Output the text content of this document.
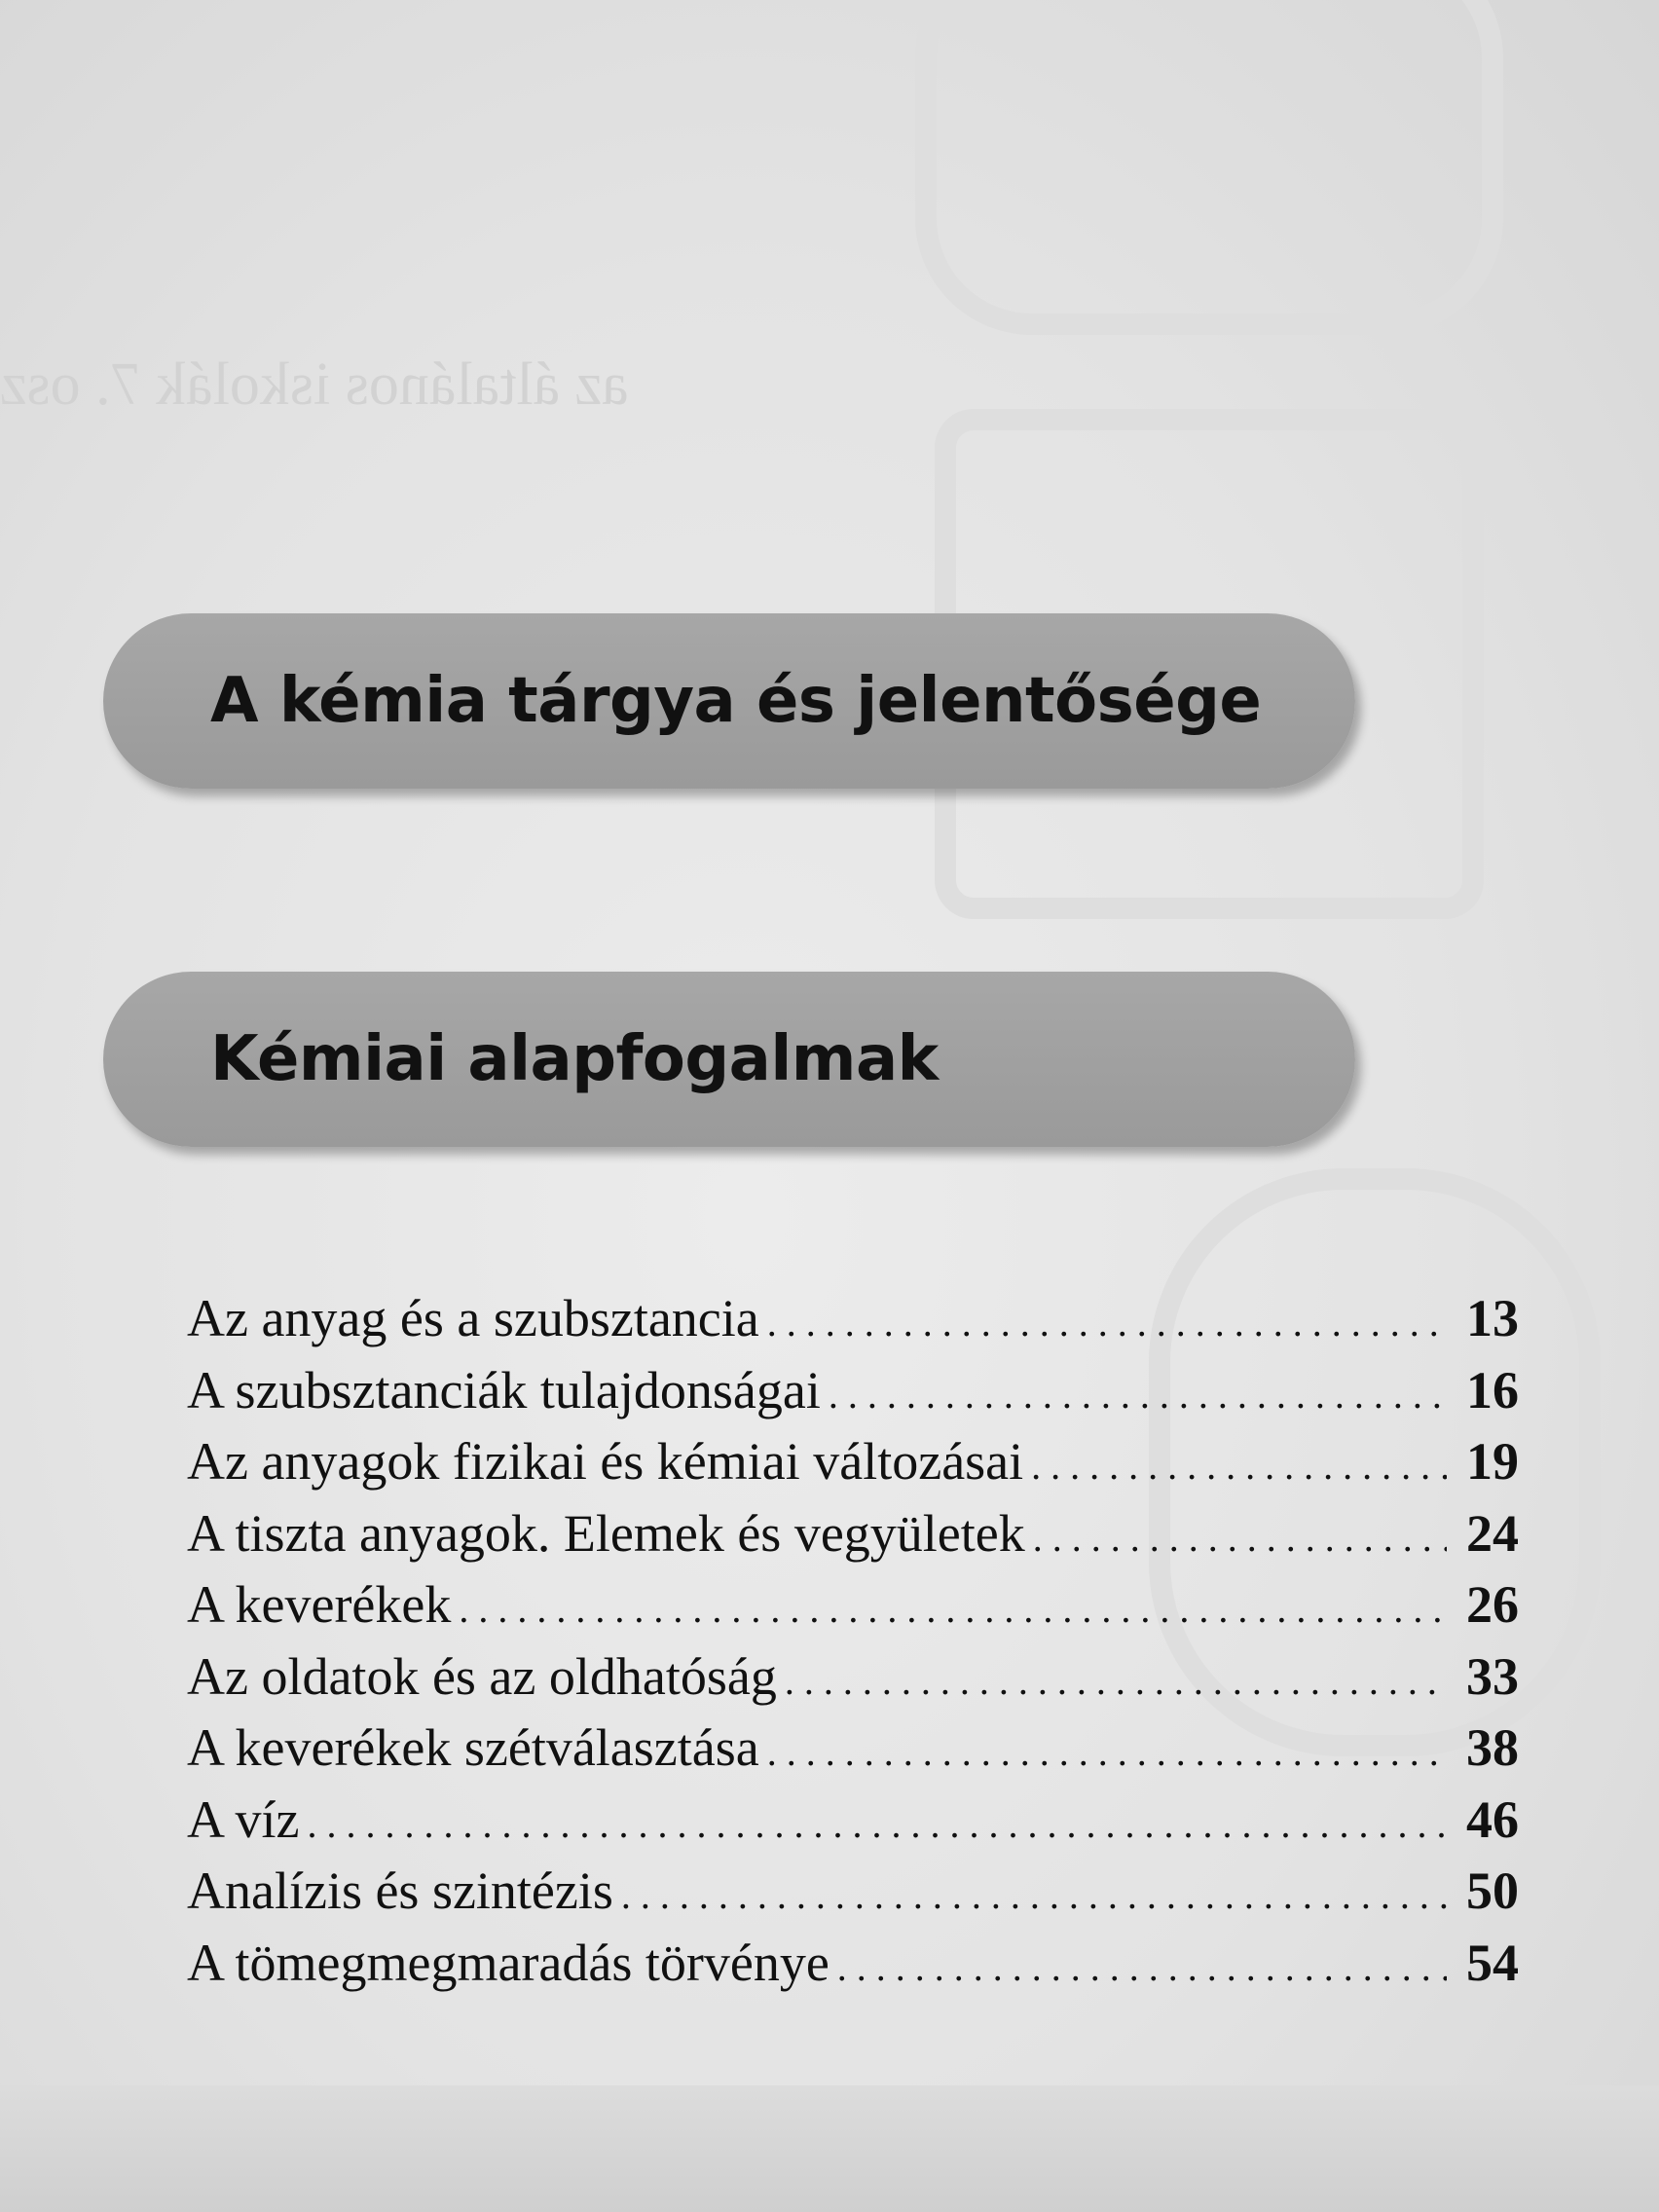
az általános iskolák 7. osz
A kémia tárgya és jelentősége
Kémiai alapfogalmak
Az anyag és a szubsztancia . . .	13
A szubsztanciák tulajdonságai . . .	16
Az anyagok fizikai és kémiai változásai . . .	19
A tiszta anyagok. Elemek és vegyületek . . .	24
A keverékek . . .	26
Az oldatok és az oldhatóság . . .	33
A keverékek szétválasztása . . .	38
A víz . . .	46
Analízis és szintézis . . .	50
A tömegmegmaradás törvénye . . .	54
